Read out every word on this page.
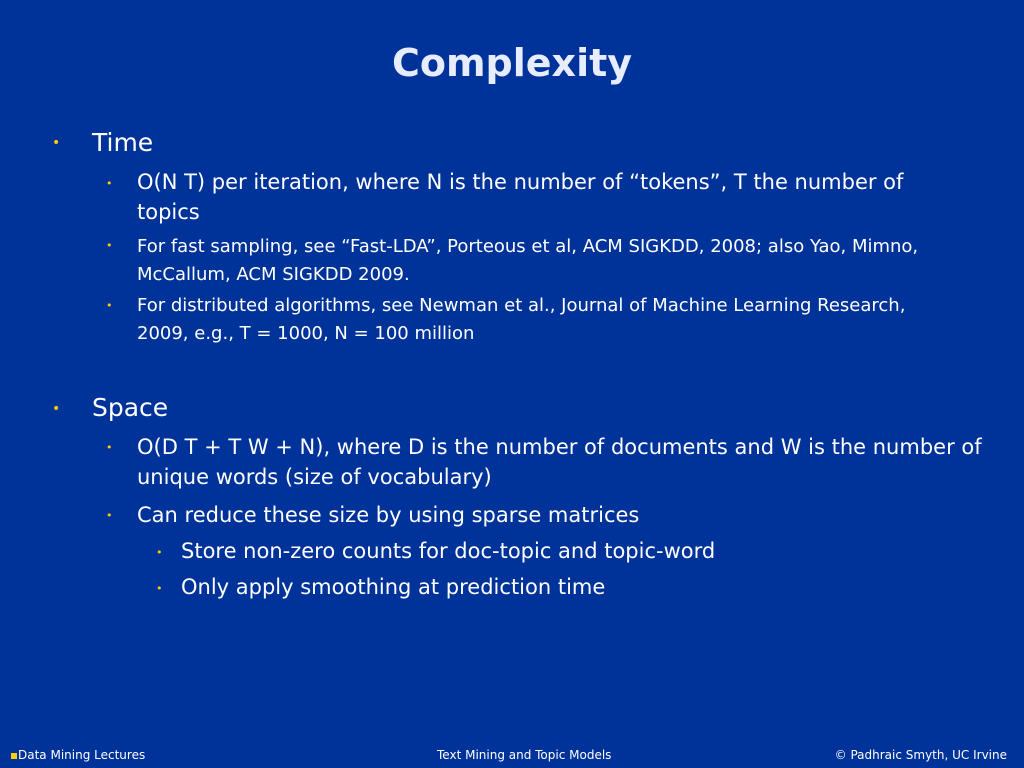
Complexity
• Time
• O(N T) per iteration, where N is the number of “tokens”, T the number of topics
• For fast sampling, see “Fast-LDA”, Porteous et al, ACM SIGKDD, 2008; also Yao, Mimno, McCallum, ACM SIGKDD 2009.
• For distributed algorithms, see Newman et al., Journal of Machine Learning Research, 2009, e.g., T = 1000, N = 100 million
• Space
• O(D T + T W + N), where D is the number of documents and W is the number of unique words (size of vocabulary)
• Can reduce these size by using sparse matrices
• Store non-zero counts for doc-topic and topic-word
• Only apply smoothing at prediction time
Data Mining Lectures	Text Mining and Topic Models	© Padhraic Smyth, UC Irvine
